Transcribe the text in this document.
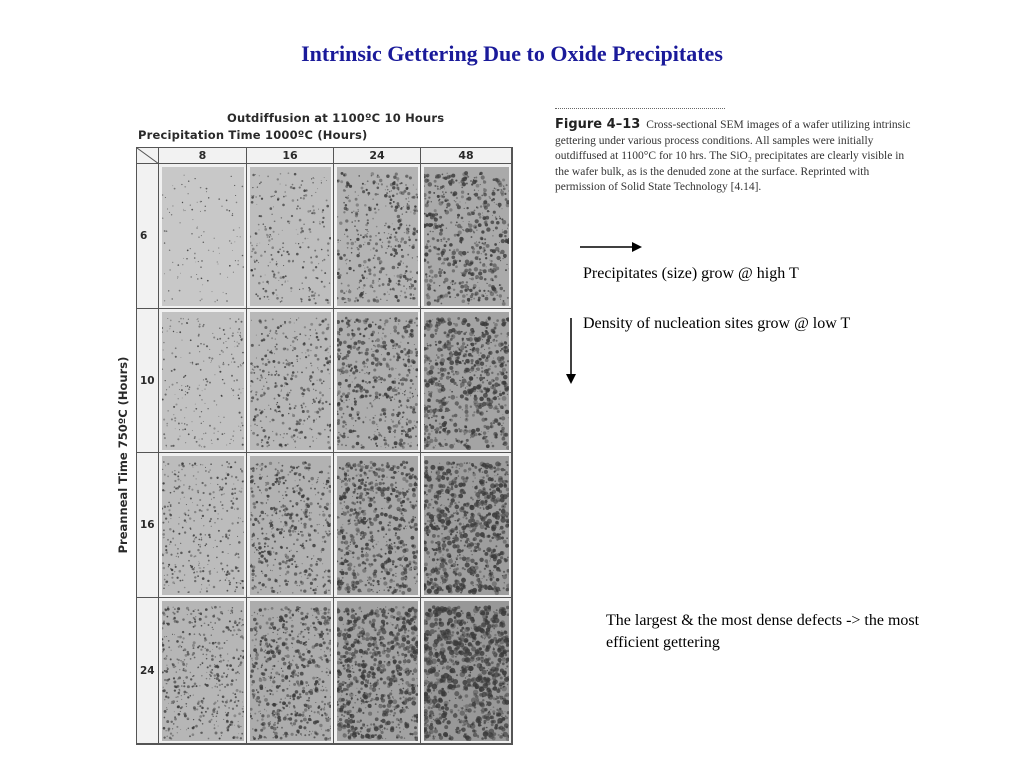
Intrinsic Gettering Due to Oxide Precipitates
Outdiffusion at 1100ºC 10 Hours
Precipitation Time 1000ºC (Hours)
Preanneal Time 750ºC (Hours)
8	16	24	48
6
10
16
24
Figure 4–13 Cross-sectional SEM images of a wafer utilizing intrinsic gettering under various process conditions. All samples were initially outdiffused at 1100°C for 10 hrs. The SiO₂ precipitates are clearly visible in the wafer bulk, as is the denuded zone at the surface. Reprinted with permission of Solid State Technology [4.14].
Precipitates (size) grow @ high T
Density of nucleation sites grow @ low T
The largest & the most dense defects -> the most efficient gettering
